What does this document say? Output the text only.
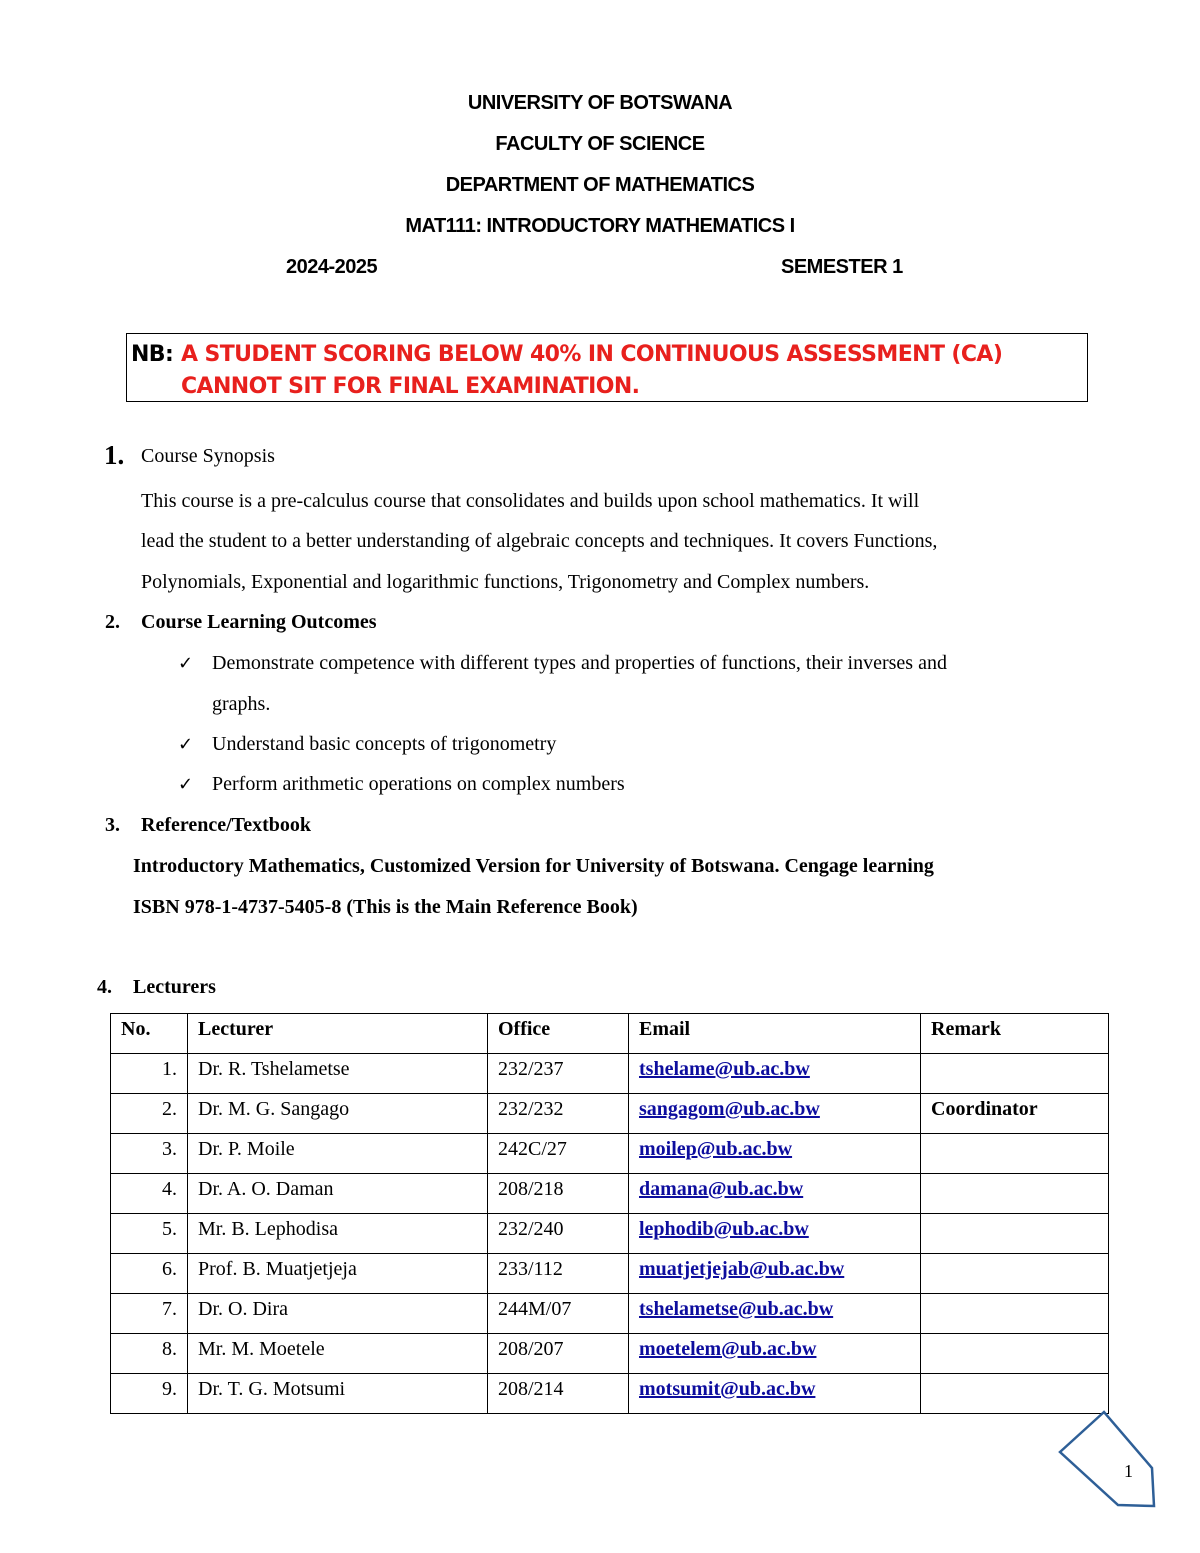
UNIVERSITY OF BOTSWANA
FACULTY OF SCIENCE
DEPARTMENT OF MATHEMATICS
MAT111: INTRODUCTORY MATHEMATICS I
2024-2025	SEMESTER 1
NB: A STUDENT SCORING BELOW 40% IN CONTINUOUS ASSESSMENT (CA)
CANNOT SIT FOR FINAL EXAMINATION.
1. Course Synopsis
This course is a pre-calculus course that consolidates and builds upon school mathematics. It will
lead the student to a better understanding of algebraic concepts and techniques. It covers Functions,
Polynomials, Exponential and logarithmic functions, Trigonometry and Complex numbers.
2. Course Learning Outcomes
✓ Demonstrate competence with different types and properties of functions, their inverses and
graphs.
✓ Understand basic concepts of trigonometry
✓ Perform arithmetic operations on complex numbers
3. Reference/Textbook
Introductory Mathematics, Customized Version for University of Botswana. Cengage learning
ISBN 978-1-4737-5405-8 (This is the Main Reference Book)
4. Lecturers
No.	Lecturer	Office	Email	Remark
1.	Dr. R. Tshelametse	232/237	tshelame@ub.ac.bw	
2.	Dr. M. G. Sangago	232/232	sangagom@ub.ac.bw	Coordinator
3.	Dr. P. Moile	242C/27	moilep@ub.ac.bw	
4.	Dr. A. O. Daman	208/218	damana@ub.ac.bw	
5.	Mr. B. Lephodisa	232/240	lephodib@ub.ac.bw	
6.	Prof. B. Muatjetjeja	233/112	muatjetjejab@ub.ac.bw	
7.	Dr. O. Dira	244M/07	tshelametse@ub.ac.bw	
8.	Mr. M. Moetele	208/207	moetelem@ub.ac.bw	
9.	Dr. T. G. Motsumi	208/214	motsumit@ub.ac.bw	
1
